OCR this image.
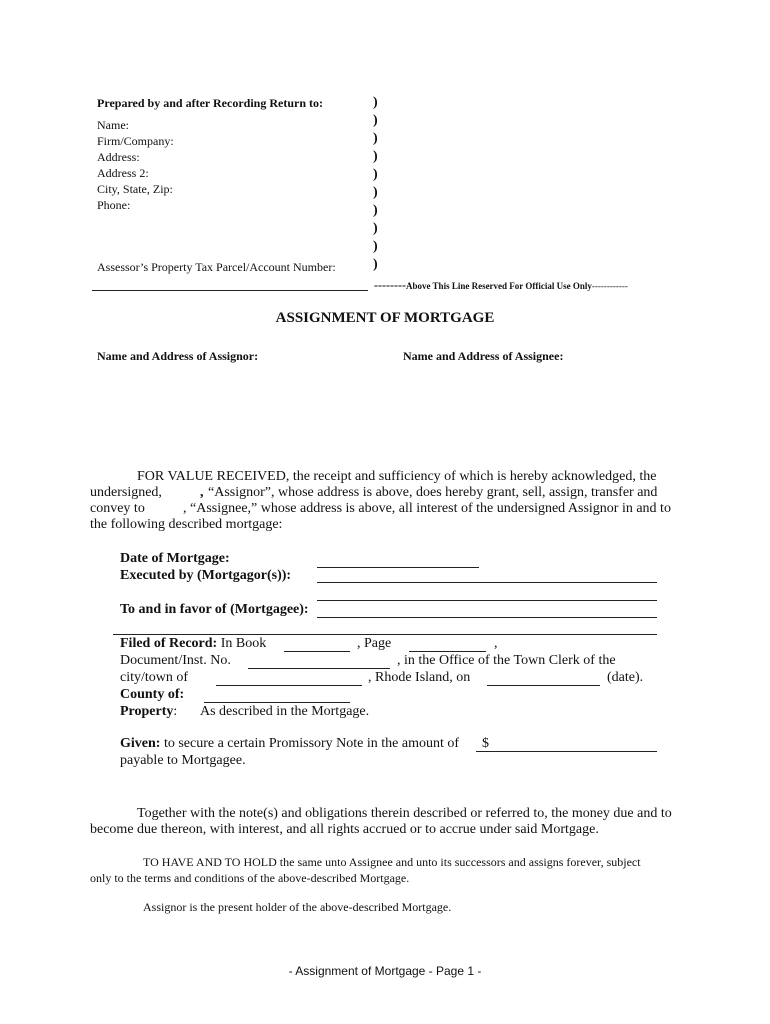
Prepared by and after Recording Return to:
Name:
Firm/Company:
Address:
Address 2:
City, State, Zip:
Phone:
)
)
)
)
)
)
)
)
)
)
Assessor’s Property Tax Parcel/Account Number:
--------Above This Line Reserved For Official Use Only------------
ASSIGNMENT OF MORTGAGE
Name and Address of Assignor:	Name and Address of Assignee:
FOR VALUE RECEIVED, the receipt and sufficiency of which is hereby acknowledged, the
undersigned,	, “Assignor”, whose address is above, does hereby grant, sell, assign, transfer and
convey to	, “Assignee,” whose address is above, all interest of the undersigned Assignor in and to
the following described mortgage:
Date of Mortgage:
Executed by (Mortgagor(s)):
To and in favor of (Mortgagee):
Filed of Record: In Book	, Page	,
Document/Inst. No.	, in the Office of the Town Clerk of the
city/town of	, Rhode Island, on	(date).
County of:
Property: As described in the Mortgage.
Given: to secure a certain Promissory Note in the amount of $
payable to Mortgagee.
Together with the note(s) and obligations therein described or referred to, the money due and to
become due thereon, with interest, and all rights accrued or to accrue under said Mortgage.
TO HAVE AND TO HOLD the same unto Assignee and unto its successors and assigns forever, subject
only to the terms and conditions of the above-described Mortgage.
Assignor is the present holder of the above-described Mortgage.
- Assignment of Mortgage - Page 1 -
